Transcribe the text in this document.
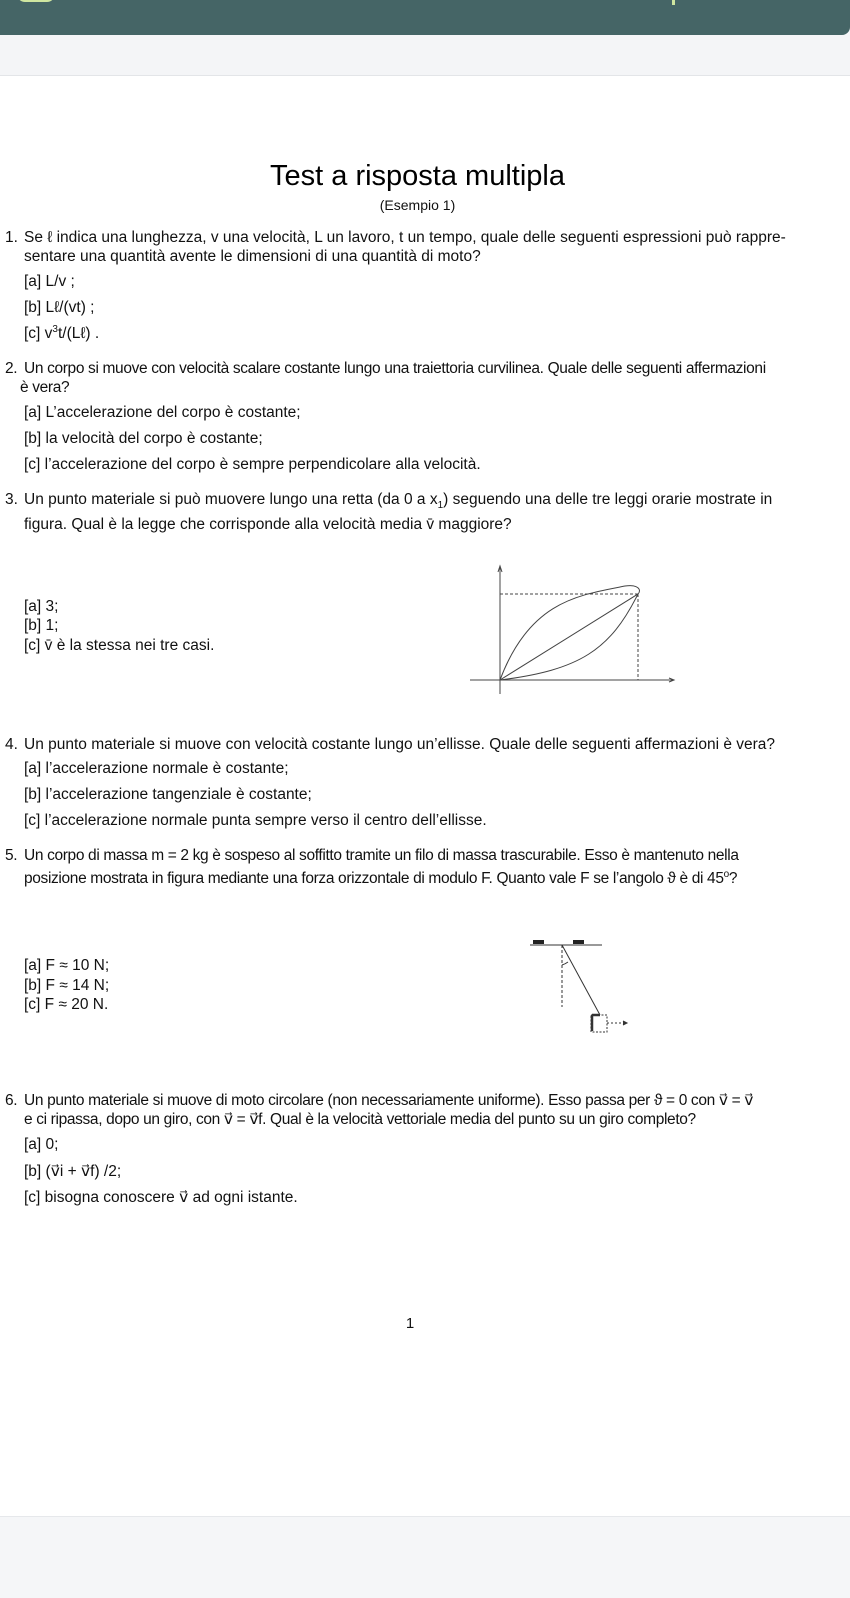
Test a risposta multipla
(Esempio 1)
1. Se ℓ indica una lunghezza, v una velocità, L un lavoro, t un tempo, quale delle seguenti espressioni può rappre-
sentare una quantità avente le dimensioni di una quantità di moto?
[a] L/v ;
[b] Lℓ/(vt) ;
[c] $v^3t/(L\ell)$ .
2. Un corpo si muove con velocità scalare costante lungo una traiettoria curvilinea. Quale delle seguenti affermazioni
è vera?
[a] L’accelerazione del corpo è costante;
[b] la velocità del corpo è costante;
[c] l’accelerazione del corpo è sempre perpendicolare alla velocità.
3. Un punto materiale si può muovere lungo una retta (da 0 a $x_1$) seguendo una delle tre leggi orarie mostrate in
figura. Qual è la legge che corrisponde alla velocità media v̄ maggiore?
[a] 3;
[b] 1;
[c] v̄ è la stessa nei tre casi.
4. Un punto materiale si muove con velocità costante lungo un’ellisse. Quale delle seguenti affermazioni è vera?
[a] l’accelerazione normale è costante;
[b] l’accelerazione tangenziale è costante;
[c] l’accelerazione normale punta sempre verso il centro dell’ellisse.
5. Un corpo di massa m = 2 kg è sospeso al soffitto tramite un filo di massa trascurabile. Esso è mantenuto nella
posizione mostrata in figura mediante una forza orizzontale di modulo F. Quanto vale F se l’angolo ϑ è di 45$^o$?
[a] F ≈ 10 N;
[b] F ≈ 14 N;
[c] F ≈ 20 N.
6. Un punto materiale si muove di moto circolare (non necessariamente uniforme). Esso passa per ϑ = 0 con v⃗ = v⃗
e ci ripassa, dopo un giro, con v⃗ = v⃗f. Qual è la velocità vettoriale media del punto su un giro completo?
[a] 0;
[b] (v⃗i + v⃗f) /2;
[c] bisogna conoscere v⃗ ad ogni istante.
1
